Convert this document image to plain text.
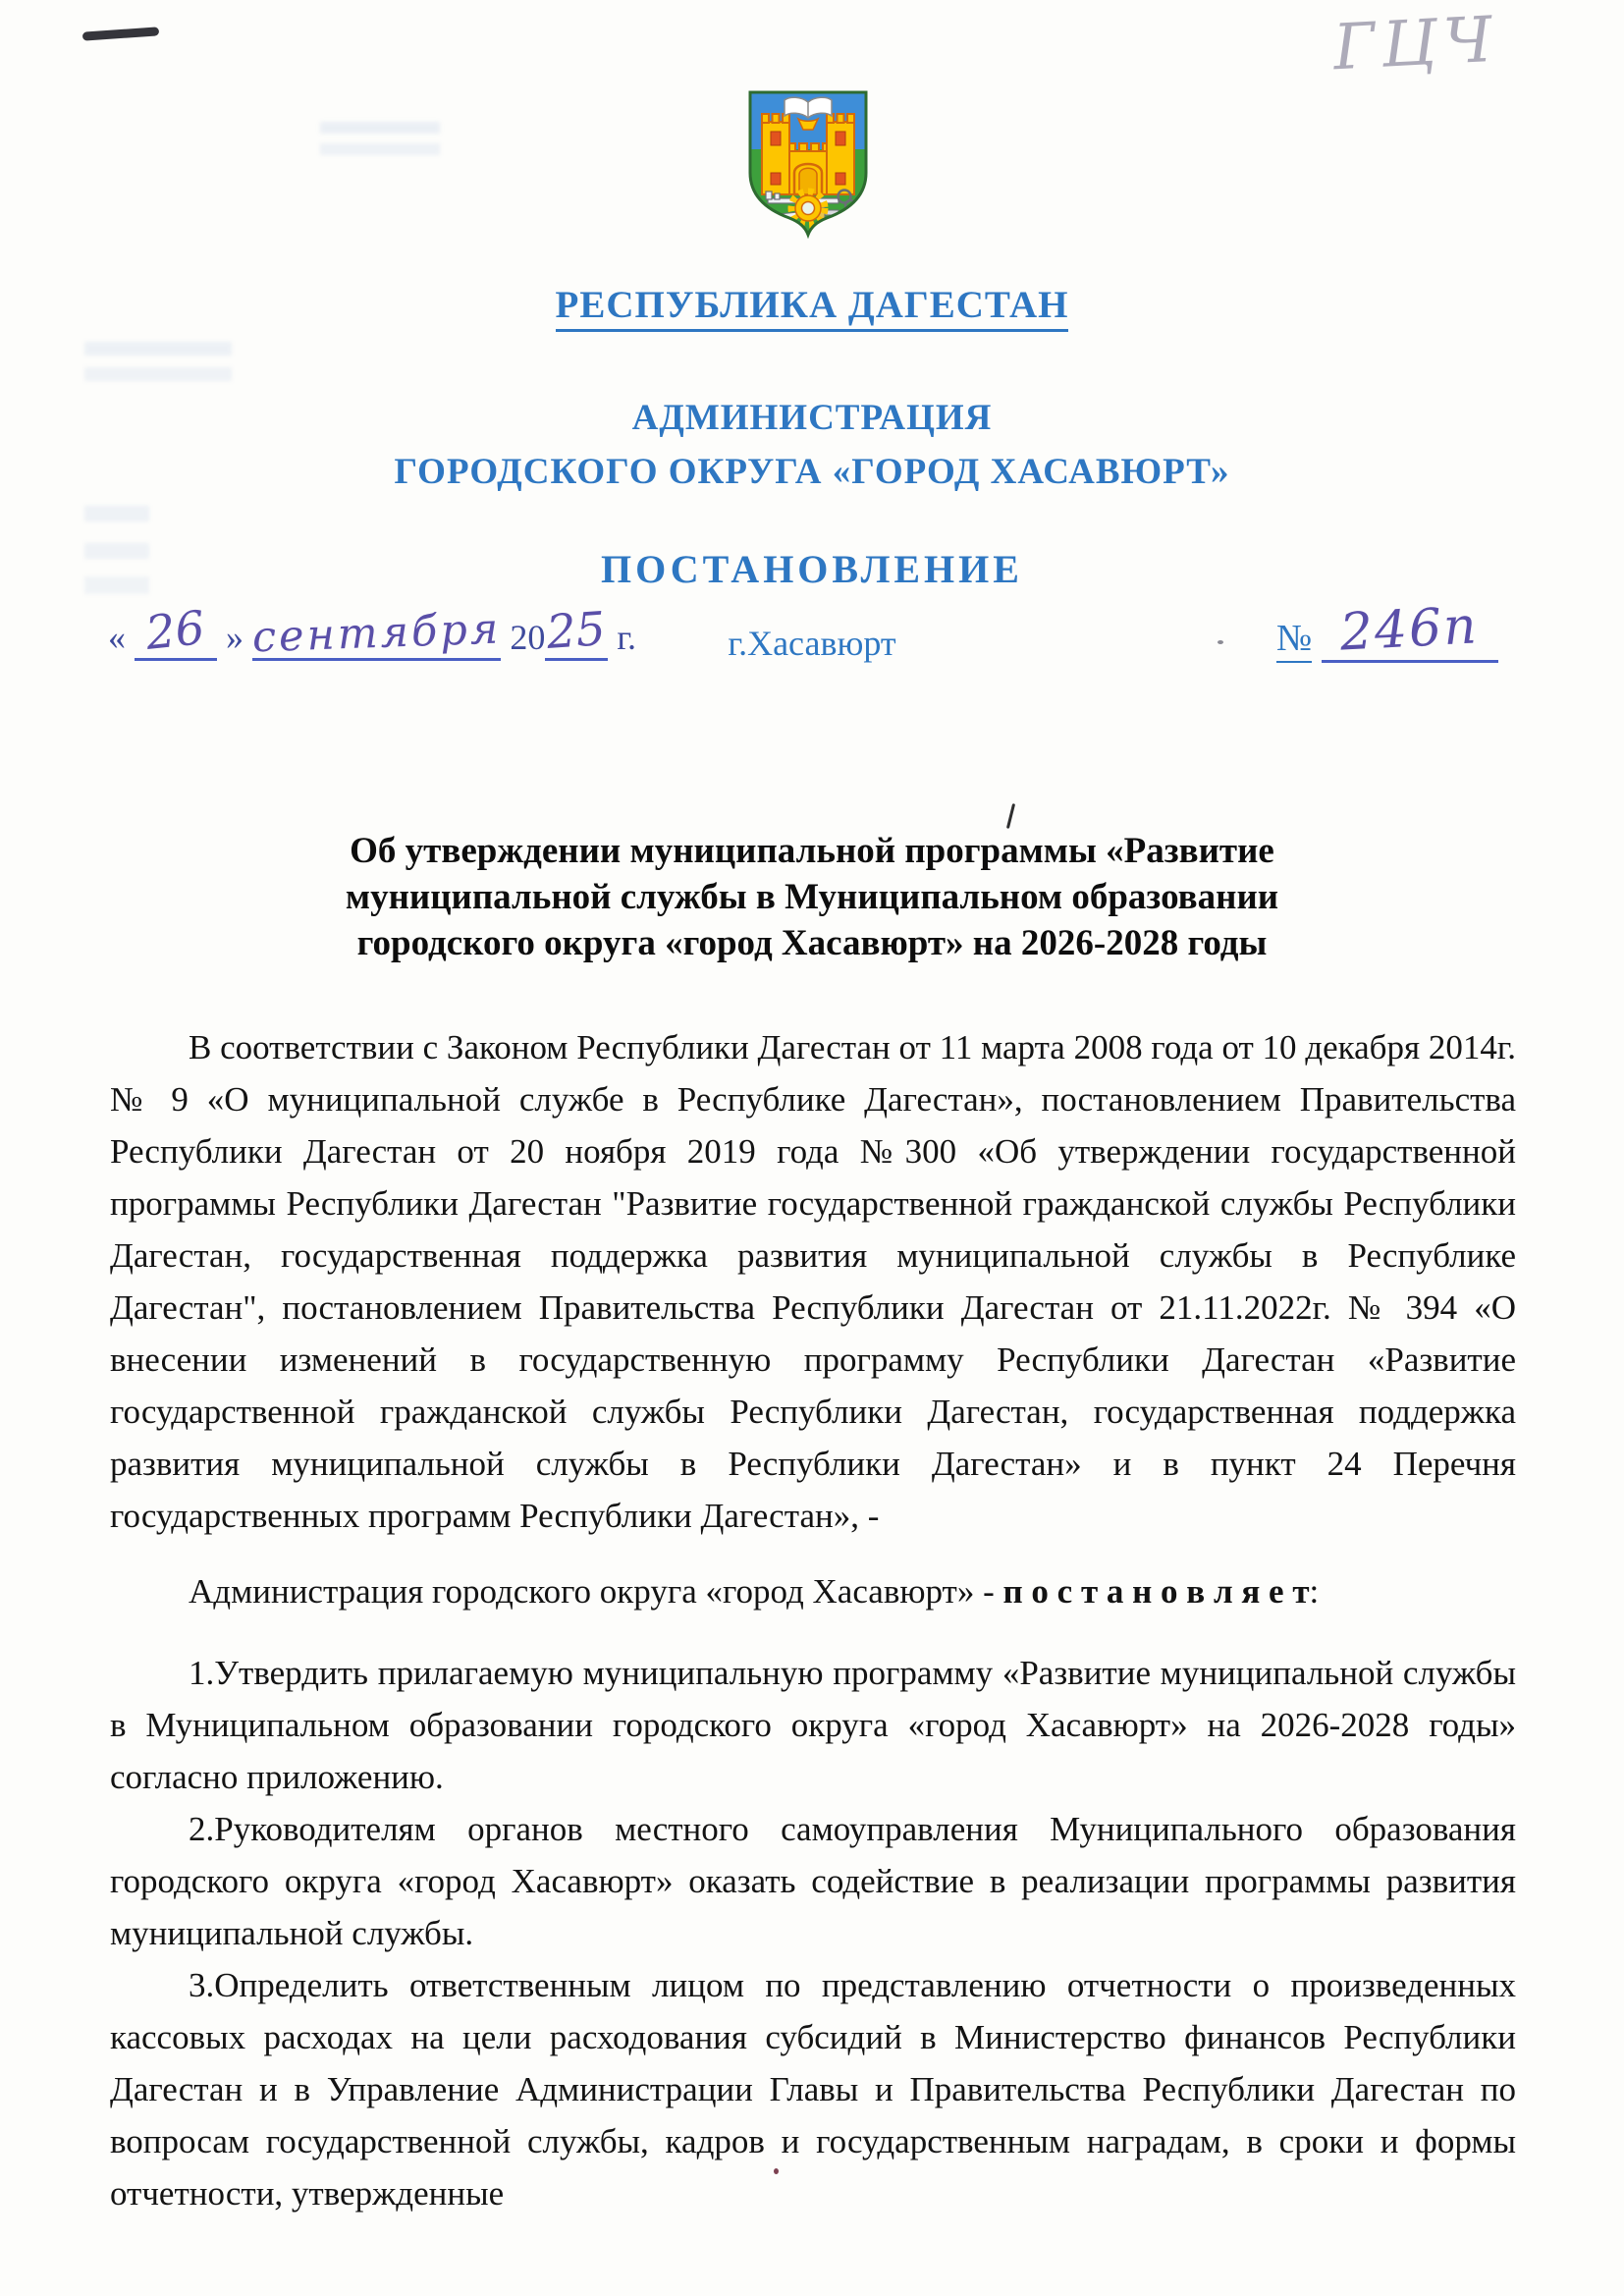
ГЦЧ
РЕСПУБЛИКА ДАГЕСТАН
АДМИНИСТРАЦИЯ
ГОРОДСКОГО ОКРУГА «ГОРОД ХАСАВЮРТ»
ПОСТАНОВЛЕНИЕ
« 26 » сентября 2025 г.	г.Хасавюрт	№ 246п
Об утверждении муниципальной программы «Развитие
муниципальной службы в Муниципальном образовании
городского округа «город Хасавюрт» на 2026-2028 годы

В соответствии с Законом Республики Дагестан от 11 марта 2008 года от 10 декабря 2014г. № 9 «О муниципальной службе в Республике Дагестан», постановлением Правительства Республики Дагестан от 20 ноября 2019 года №300 «Об утверждении государственной программы Республики Дагестан "Развитие государственной гражданской службы Республики Дагестан, государственная поддержка развития муниципальной службы в Республике Дагестан", постановлением Правительства Республики Дагестан от 21.11.2022г. № 394 «О внесении изменений в государственную программу Республики Дагестан «Развитие государственной гражданской службы Республики Дагестан, государственная поддержка развития муниципальной службы в Республики Дагестан» и в пункт 24 Перечня государственных программ Республики Дагестан», -

Администрация городского округа «город Хасавюрт» - п о с т а н о в л я е т:

1.Утвердить прилагаемую муниципальную программу «Развитие муниципальной службы в Муниципальном образовании городского округа «город Хасавюрт» на 2026-2028 годы» согласно приложению.

2.Руководителям органов местного самоуправления Муниципального образования городского округа «город Хасавюрт» оказать содействие в реализации программы развития муниципальной службы.

3.Определить ответственным лицом по представлению отчетности о произведенных кассовых расходах на цели расходования субсидий в Министерство финансов Республики Дагестан и в Управление Администрации Главы и Правительства Республики Дагестан по вопросам государственной службы, кадров и государственным наградам, в сроки и формы отчетности, утвержденные
